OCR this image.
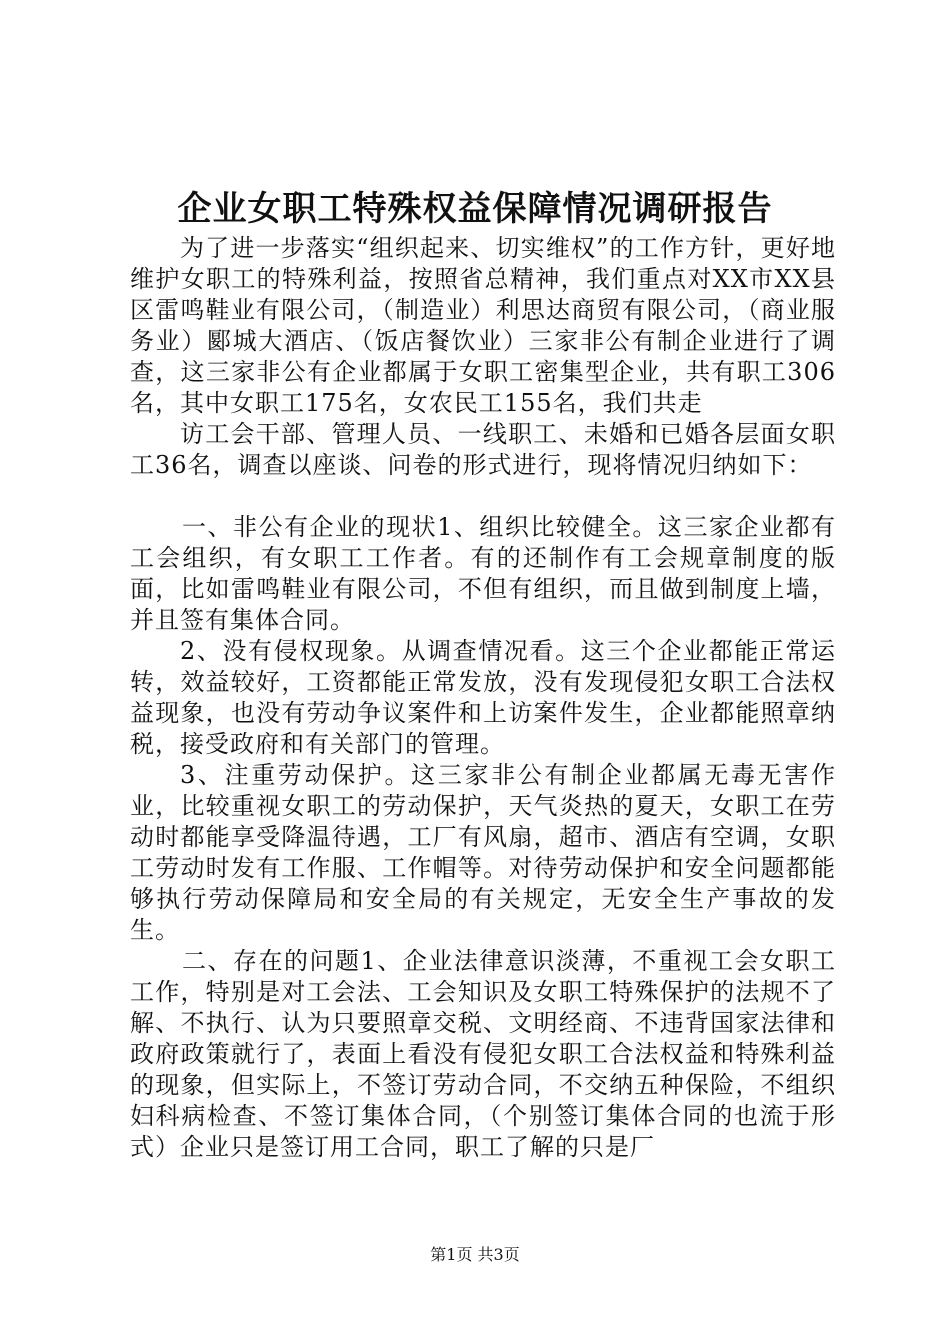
企业女职工特殊权益保障情况调研报告

为了进一步落实“组织起来、切实维权”的工作方针，更好地维护女职工的特殊利益，按照省总精神，我们重点对XX市XX县区雷鸣鞋业有限公司，（制造业）利思达商贸有限公司，（商业服务业）郾城大酒店、（饭店餐饮业）三家非公有制企业进行了调查，这三家非公有企业都属于女职工密集型企业，共有职工306名，其中女职工175名，女农民工155名，我们共走

访工会干部、管理人员、一线职工、未婚和已婚各层面女职工36名，调查以座谈、问卷的形式进行，现将情况归纳如下：

一、非公有企业的现状1、组织比较健全。这三家企业都有工会组织，有女职工工作者。有的还制作有工会规章制度的版面，比如雷鸣鞋业有限公司，不但有组织，而且做到制度上墙，并且签有集体合同。

2、没有侵权现象。从调查情况看。这三个企业都能正常运转，效益较好，工资都能正常发放，没有发现侵犯女职工合法权益现象，也没有劳动争议案件和上访案件发生，企业都能照章纳税，接受政府和有关部门的管理。

3、注重劳动保护。这三家非公有制企业都属无毒无害作业，比较重视女职工的劳动保护，天气炎热的夏天，女职工在劳动时都能享受降温待遇，工厂有风扇，超市、酒店有空调，女职工劳动时发有工作服、工作帽等。对待劳动保护和安全问题都能够执行劳动保障局和安全局的有关规定，无安全生产事故的发生。

二、存在的问题1、企业法律意识淡薄，不重视工会女职工工作，特别是对工会法、工会知识及女职工特殊保护的法规不了解、不执行、认为只要照章交税、文明经商、不违背国家法律和政府政策就行了，表面上看没有侵犯女职工合法权益和特殊利益的现象，但实际上，不签订劳动合同，不交纳五种保险，不组织妇科病检查、不签订集体合同，（个别签订集体合同的也流于形式）企业只是签订用工合同，职工了解的只是厂

第1页 共3页
